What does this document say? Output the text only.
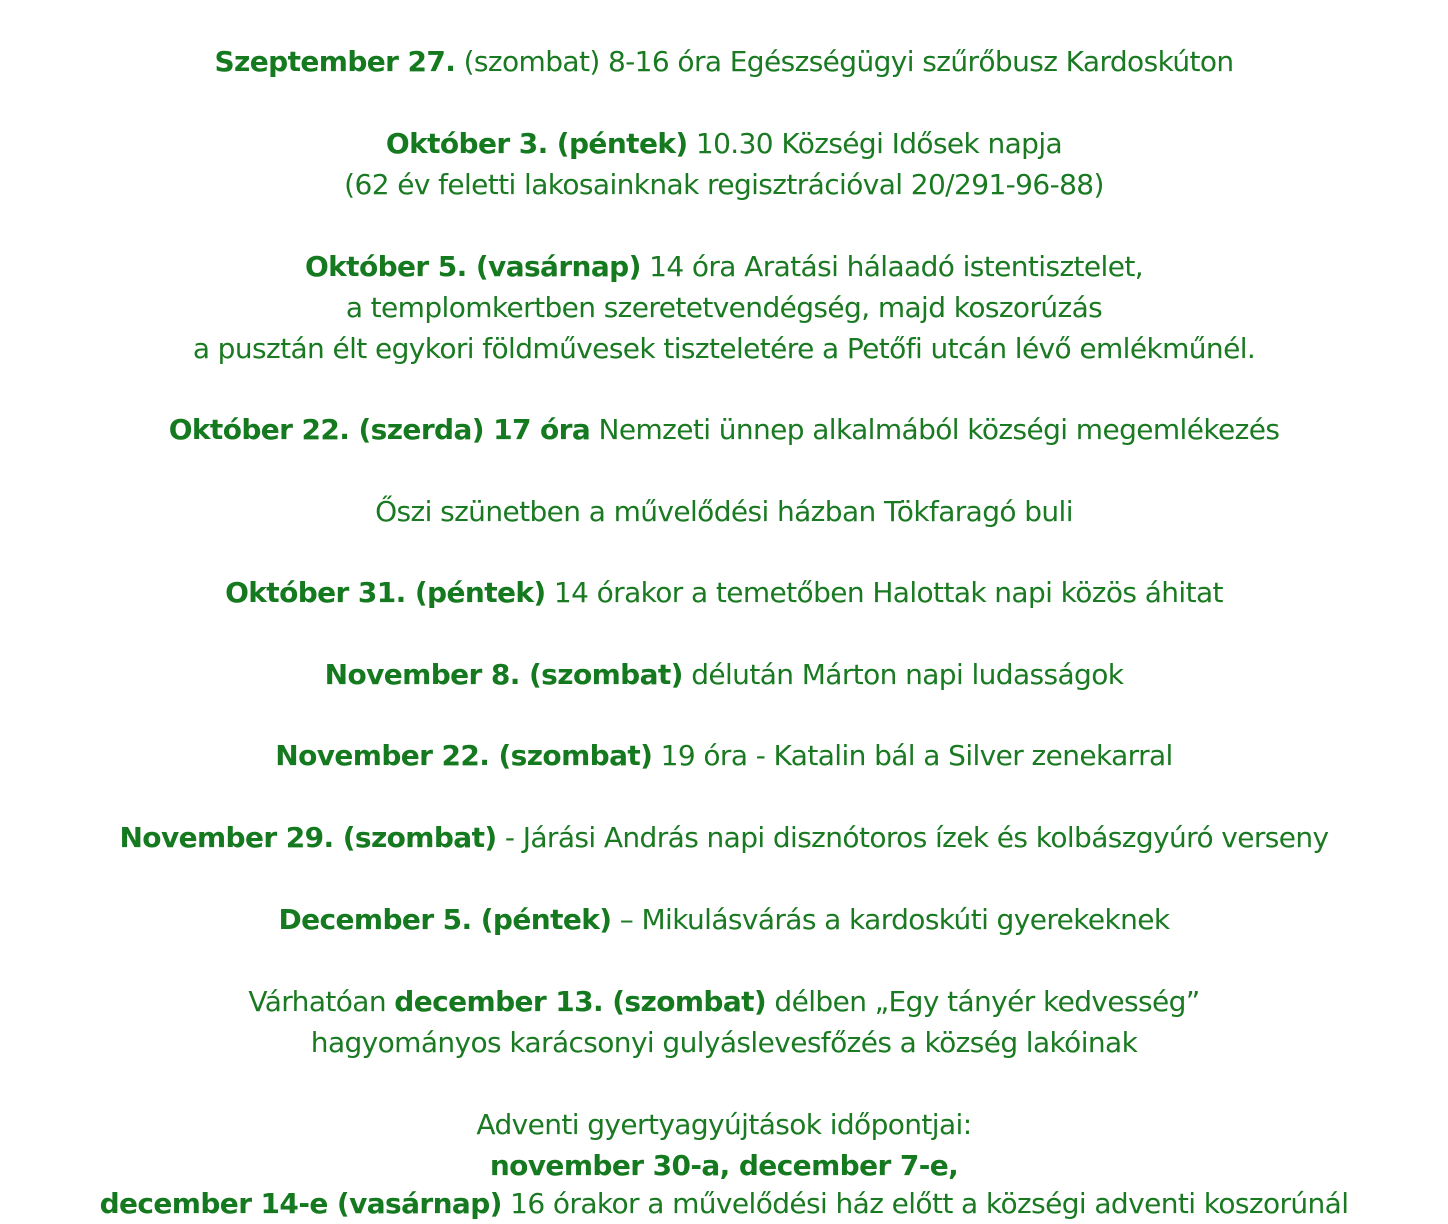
Szeptember 27. (szombat) 8-16 óra Egészségügyi szűrőbusz Kardoskúton
Október 3. (péntek) 10.30 Községi Idősek napja
(62 év feletti lakosainknak regisztrációval 20/291-96-88)
Október 5. (vasárnap) 14 óra Aratási hálaadó istentisztelet,
a templomkertben szeretetvendégség, majd koszorúzás
a pusztán élt egykori földművesek tiszteletére a Petőfi utcán lévő emlékműnél.
Október 22. (szerda) 17 óra Nemzeti ünnep alkalmából községi megemlékezés
Őszi szünetben a művelődési házban Tökfaragó buli
Október 31. (péntek) 14 órakor a temetőben Halottak napi közös áhitat
November 8. (szombat) délután Márton napi ludasságok
November 22. (szombat) 19 óra - Katalin bál a Silver zenekarral
November 29. (szombat) - Járási András napi disznótoros ízek és kolbászgyúró verseny
December 5. (péntek) – Mikulásvárás a kardoskúti gyerekeknek
Várhatóan december 13. (szombat) délben „Egy tányér kedvesség”
hagyományos karácsonyi gulyáslevesfőzés a község lakóinak
Adventi gyertyagyújtások időpontjai:
november 30-a, december 7-e,
december 14-e (vasárnap) 16 órakor a művelődési ház előtt a községi adventi koszorúnál
